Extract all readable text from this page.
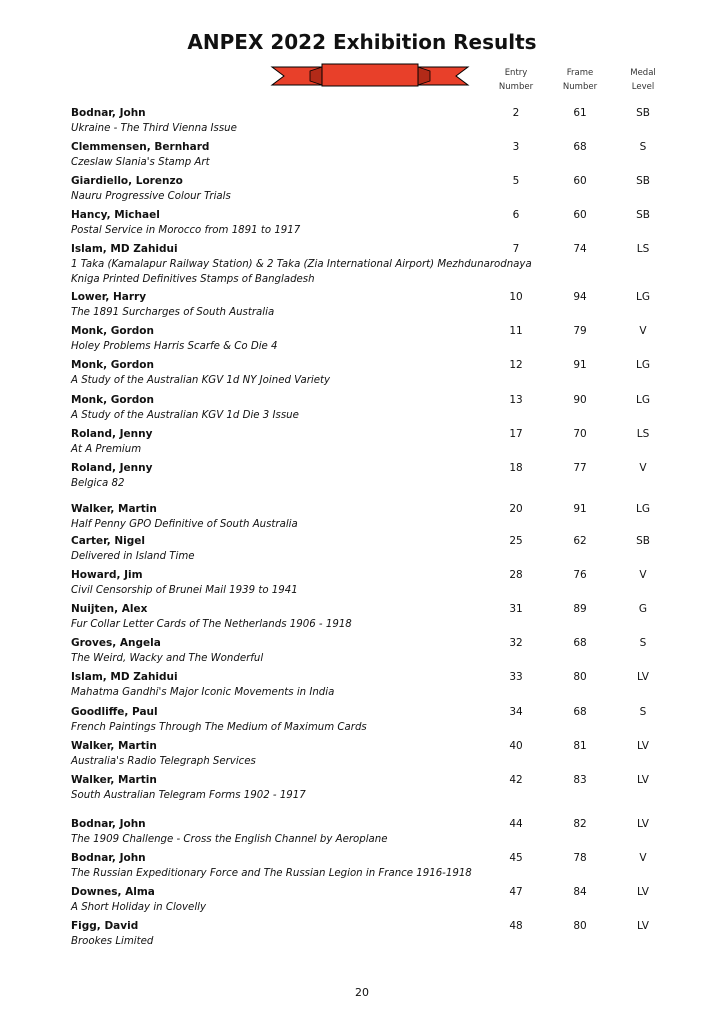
ANPEX 2022 Exhibition Results
Entry
Number
Frame
Number
Medal
Level
Bodnar, John
Ukraine - The Third Vienna Issue
2	61	SB
Clemmensen, Bernhard
Czeslaw Slania's Stamp Art
3	68	S
Giardiello, Lorenzo
Nauru Progressive Colour Trials
5	60	SB
Hancy, Michael
Postal Service in Morocco from 1891 to 1917
6	60	SB
Islam, MD Zahidui
1 Taka (Kamalapur Railway Station) & 2 Taka (Zia International Airport) Mezhdunarodnaya Kniga Printed Definitives Stamps of Bangladesh
7	74	LS
Lower, Harry
The 1891 Surcharges of South Australia
10	94	LG
Monk, Gordon
Holey Problems Harris Scarfe & Co Die 4
11	79	V
Monk, Gordon
A Study of the Australian KGV 1d NY Joined Variety
12	91	LG
Monk, Gordon
A Study of the Australian KGV 1d Die 3 Issue
13	90	LG
Roland, Jenny
At A Premium
17	70	LS
Roland, Jenny
Belgica 82
18	77	V
Walker, Martin
Half Penny GPO Definitive of South Australia
20	91	LG
Carter, Nigel
Delivered in Island Time
25	62	SB
Howard, Jim
Civil Censorship of Brunei Mail 1939 to 1941
28	76	V
Nuijten, Alex
Fur Collar Letter Cards of The Netherlands 1906 - 1918
31	89	G
Groves, Angela
The Weird, Wacky and The Wonderful
32	68	S
Islam, MD Zahidui
Mahatma Gandhi's Major Iconic Movements in India
33	80	LV
Goodliffe, Paul
French Paintings Through The Medium of Maximum Cards
34	68	S
Walker, Martin
Australia's Radio Telegraph Services
40	81	LV
Walker, Martin
South Australian Telegram Forms 1902 - 1917
42	83	LV
Bodnar, John
The 1909 Challenge - Cross the English Channel by Aeroplane
44	82	LV
Bodnar, John
The Russian Expeditionary Force and The Russian Legion in France 1916-1918
45	78	V
Downes, Alma
A Short Holiday in Clovelly
47	84	LV
Figg, David
Brookes Limited
48	80	LV
20
